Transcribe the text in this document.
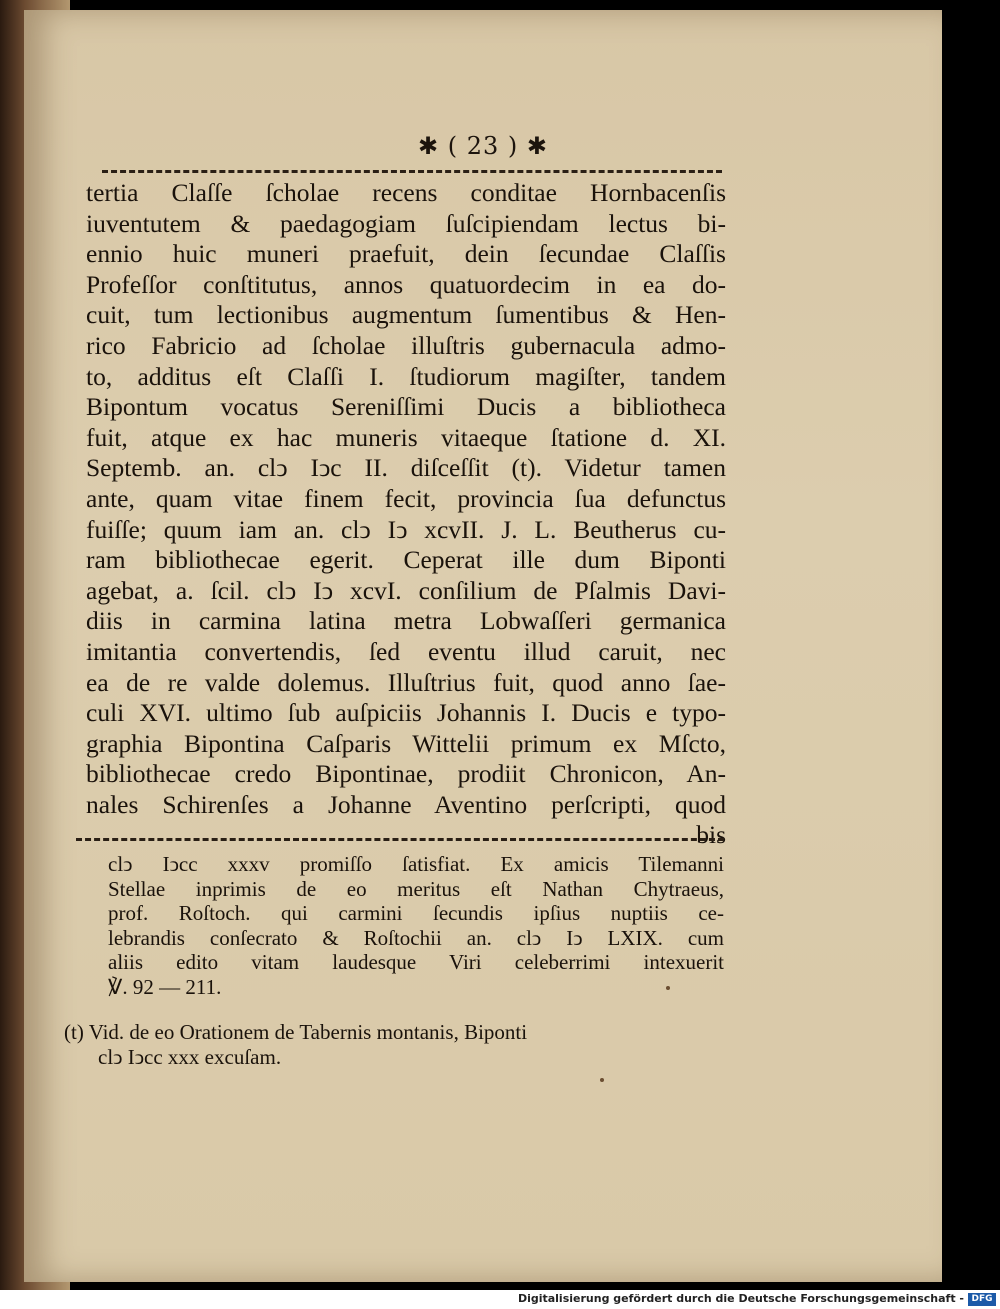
✱ ( 23 ) ✱
tertia Claſſe ſcholae recens conditae Hornbacenſis
iuventutem & paedagogiam ſuſcipiendam lectus bi-
ennio huic muneri praefuit, dein ſecundae Claſſis
Profeſſor conſtitutus, annos quatuordecim in ea do-
cuit, tum lectionibus augmentum ſumentibus & Hen-
rico Fabricio ad ſcholae illuſtris gubernacula admo-
to, additus eſt Claſſi I. ſtudiorum magiſter, tandem
Bipontum vocatus Sereniſſimi Ducis a bibliotheca
fuit, atque ex hac muneris vitaeque ſtatione d. XI.
Septemb. an. clↄ Iↄc II. diſceſſit (t). Videtur tamen
ante, quam vitae finem fecit, provincia ſua defunctus
fuiſſe; quum iam an. clↄ Iↄ xcvII. J. L. Beutherus cu-
ram bibliothecae egerit. Ceperat ille dum Biponti
agebat, a. ſcil. clↄ Iↄ xcvI. conſilium de Pſalmis Davi-
diis in carmina latina metra Lobwaſſeri germanica
imitantia convertendis, ſed eventu illud caruit, nec
ea de re valde dolemus. Illuſtrius fuit, quod anno ſae-
culi XVI. ultimo ſub auſpiciis Johannis I. Ducis e typo-
graphia Bipontina Caſparis Wittelii primum ex Mſcto,
bibliothecae credo Bipontinae, prodiit Chronicon, An-
nales Schirenſes a Johanne Aventino perſcripti, quod
bis
clↄ Iↄcc xxxv promiſſo ſatisfiat. Ex amicis Tilemanni
Stellae inprimis de eo meritus eſt Nathan Chytraeus,
prof. Roſtoch. qui carmini ſecundis ipſius nuptiis ce-
lebrandis conſecrato & Roſtochii an. clↄ Iↄ LXIX. cum
aliis edito vitam laudesque Viri celeberrimi intexuerit
℣. 92 — 211.
(t) Vid. de eo Orationem de Tabernis montanis, Biponti
clↄ Iↄcc xxx excuſam.
Digitalisierung gefördert durch die Deutsche Forschungsgemeinschaft - DFG
